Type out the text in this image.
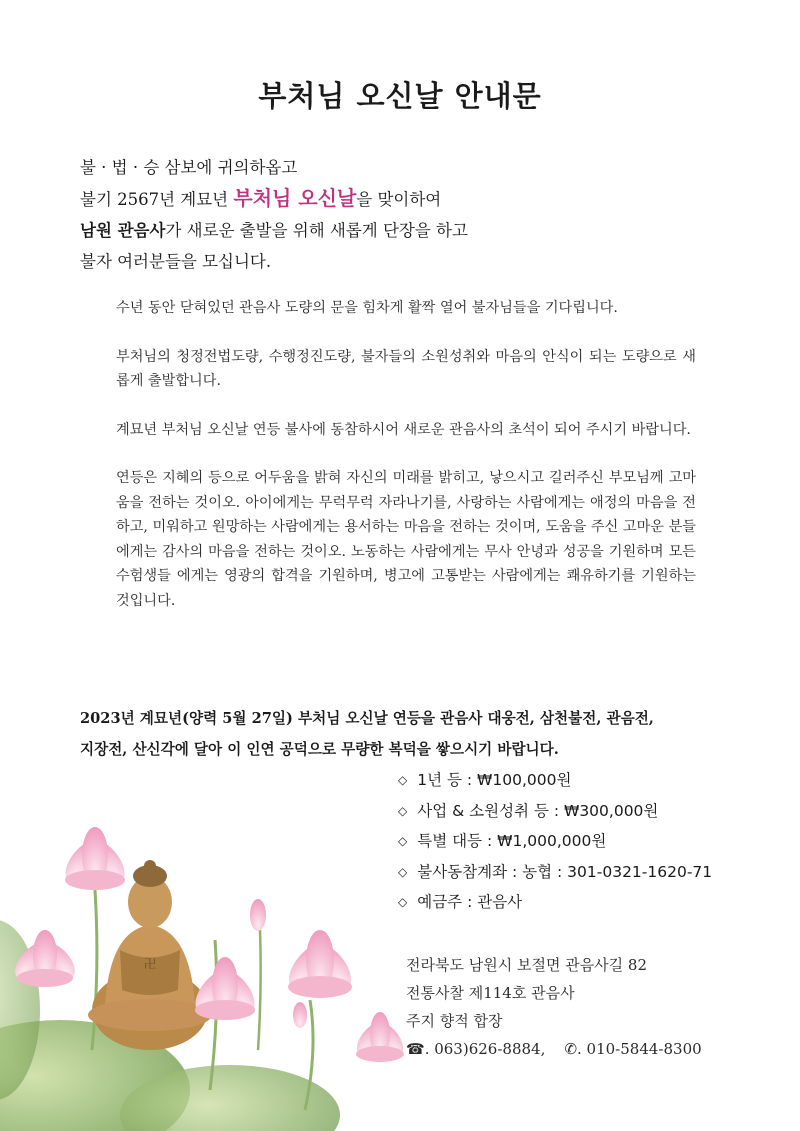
부처님 오신날 안내문
불 · 법 · 승 삼보에 귀의하옵고
불기 2567년 계묘년 부처님 오신날을 맞이하여
남원 관음사가 새로운 출발을 위해 새롭게 단장을 하고
불자 여러분들을 모십니다.

수년 동안 닫혀있던 관음사 도량의 문을 힘차게 활짝 열어 불자님들을 기다립니다.

부처님의 청정전법도량, 수행정진도량, 불자들의 소원성취와 마음의 안식이 되는 도량으로 새롭게 출발합니다.

계묘년 부처님 오신날 연등 불사에 동참하시어 새로운 관음사의 초석이 되어 주시기 바랍니다.

연등은 지혜의 등으로 어두움을 밝혀 자신의 미래를 밝히고, 낳으시고 길러주신 부모님께 고마움을 전하는 것이오. 아이에게는 무럭무럭 자라나기를, 사랑하는 사람에게는 애정의 마음을 전하고, 미워하고 원망하는 사람에게는 용서하는 마음을 전하는 것이며, 도움을 주신 고마운 분들에게는 감사의 마음을 전하는 것이오. 노동하는 사람에게는 무사 안녕과 성공을 기원하며 모든 수험생들 에게는 영광의 합격을 기원하며, 병고에 고통받는 사람에게는 쾌유하기를 기원하는 것입니다.

2023년 계묘년(양력 5월 27일) 부처님 오신날 연등을 관음사 대웅전, 삼천불전, 관음전,
지장전, 산신각에 달아 이 인연 공덕으로 무량한 복덕을 쌓으시기 바랍니다.
◇ 1년 등 : ₩100,000원
◇ 사업 & 소원성취 등 : ₩300,000원
◇ 특별 대등 : ₩1,000,000원
◇ 불사동참계좌 : 농협 : 301-0321-1620-71
◇ 예금주 : 관음사
전라북도 남원시 보절면 관음사길 82
전통사찰 제114호 관음사
주지 향적 합장
☎. 063)626-8884, ✆. 010-5844-8300
卍
